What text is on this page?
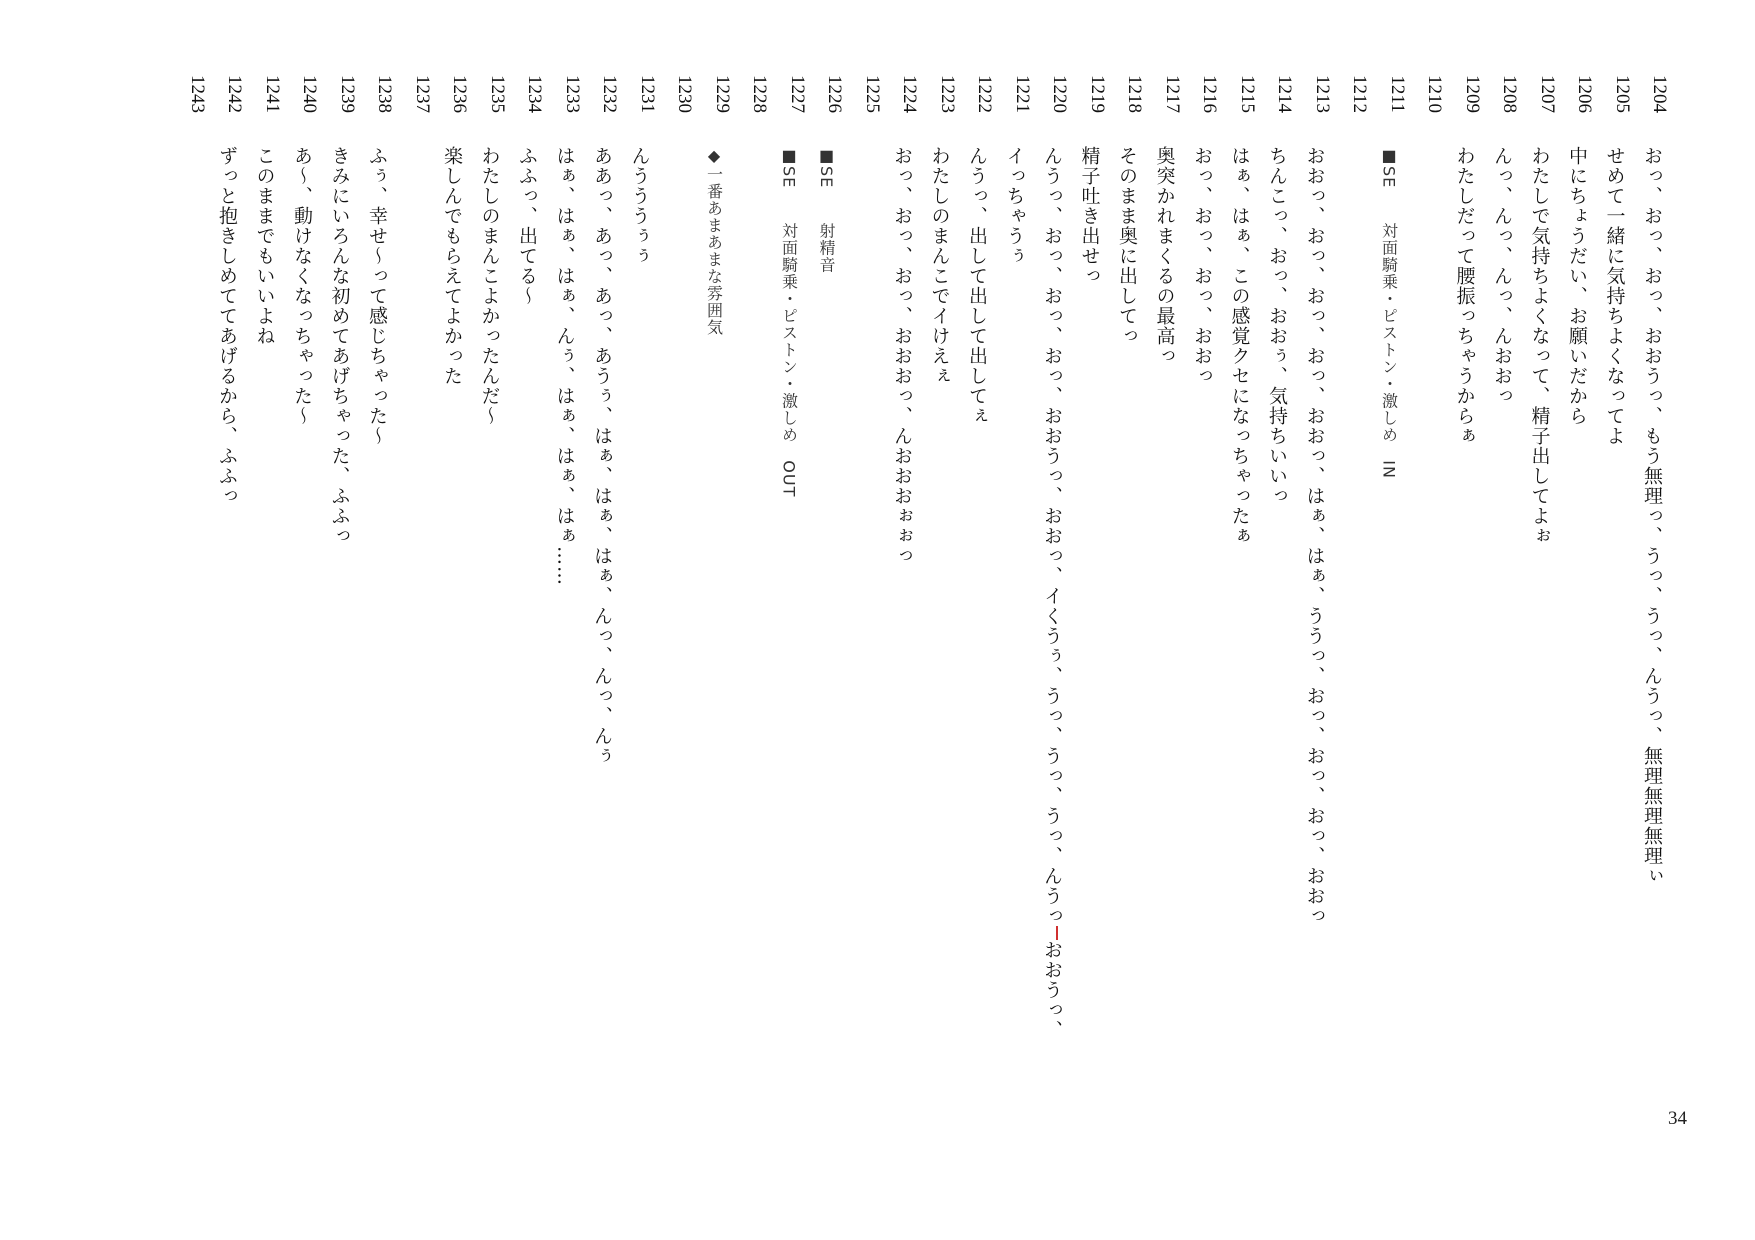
1204おっ、おっ、おっ、おおうっ、もう無理っ、うっ、うっ、んうっ、無理無理無理ぃ
1205せめて一緒に気持ちよくなってよ
1206中にちょうだい、お願いだから
1207わたしで気持ちよくなって、精子出してよぉ
1208んっ、んっ、んっ、んおおっ
1209わたしだって腰振っちゃうからぁ
1210
1211■SE　　対面騎乗・ピストン・激しめ　IN
1212
1213おおっ、おっ、おっ、おっ、おおっ、はぁ、はぁ、ううっ、おっ、おっ、おっ、おおっ
1214ちんこっ、おっ、おおぅ、気持ちいいっ
1215はぁ、はぁ、この感覚クセになっちゃったぁ
1216おっ、おっ、おっ、おおっ
1217奥突かれまくるの最高っ
1218そのまま奥に出してっ
1219精子吐き出せっ
1220んうっ、おっ、おっ、おっ、おおうっ、おおっ、イくうぅ、うっ、うっ、うっ、んうっおおうっ、
1221イっちゃうぅ
1222んうっ、出して出して出してぇ
1223わたしのまんこでイけえぇ
1224おっ、おっ、おっ、おおおっ、んおおおぉぉっ
1225
1226■SE　　射精音
1227■SE　　対面騎乗・ピストン・激しめ　OUT
1228
1229◆一番あまあまな雰囲気
1230
1231んうううぅぅ
1232ああっ、あっ、あっ、あうぅ、はぁ、はぁ、はぁ、んっ、んっ、んぅ
1233はぁ、はぁ、はぁ、んぅ、はぁ、はぁ、はぁ……
1234ふふっ、出てる〜
1235わたしのまんこよかったんだ〜
1236楽しんでもらえてよかった
1237
1238ふぅ、幸せ〜って感じちゃった〜
1239きみにいろんな初めてあげちゃった、ふふっ
1240あ〜、動けなくなっちゃった〜
1241このままでもいいよね
1242ずっと抱きしめててあげるから、ふふっ
1243
34
